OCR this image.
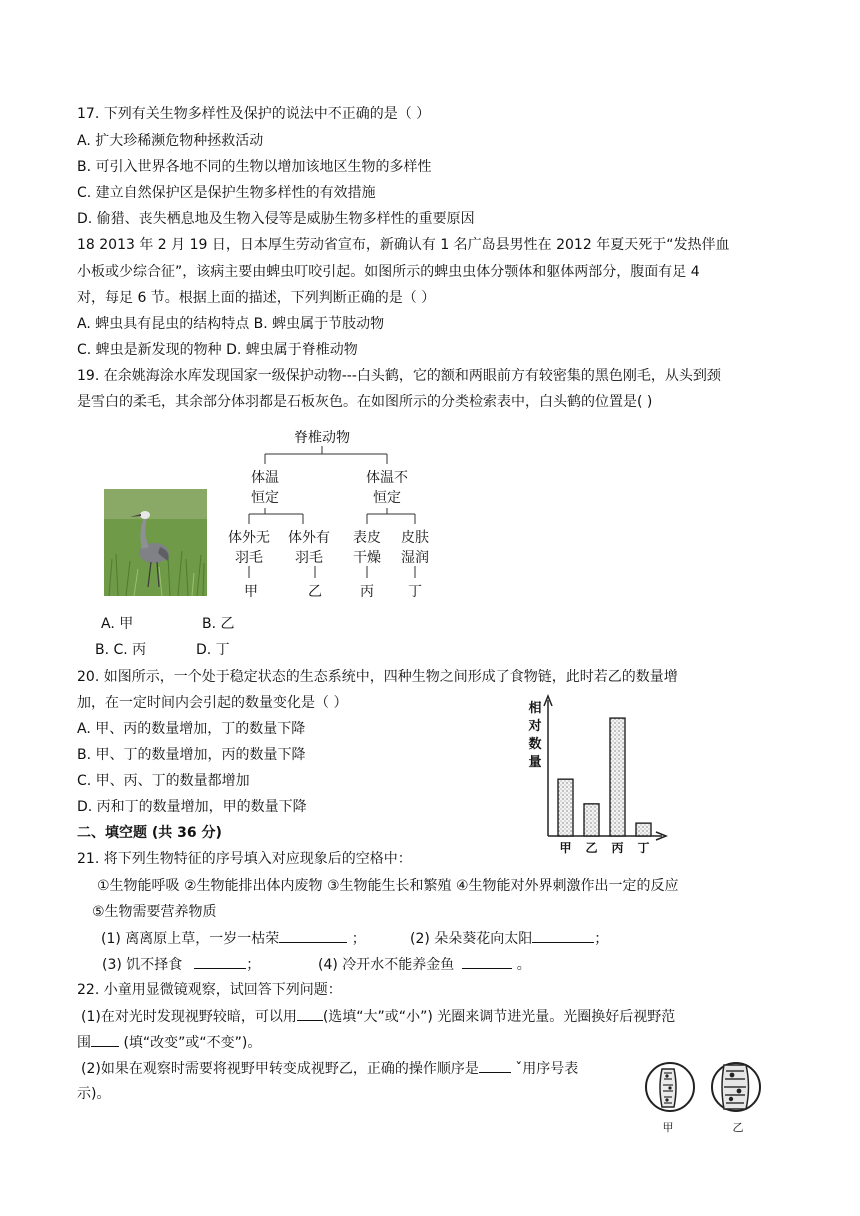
17. 下列有关生物多样性及保护的说法中不正确的是（ ）
A. 扩大珍稀濒危物种拯救活动
B. 可引入世界各地不同的生物以增加该地区生物的多样性
C. 建立自然保护区是保护生物多样性的有效措施
D. 偷猎、丧失栖息地及生物入侵等是威胁生物多样性的重要原因
18 2013 年 2 月 19 日，日本厚生劳动省宣布，新确认有 1 名广岛县男性在 2012 年夏天死于“发热伴血
小板或少综合征”，该病主要由蜱虫叮咬引起。如图所示的蜱虫虫体分颚体和躯体两部分，腹面有足 4
对，每足 6 节。根据上面的描述，下列判断正确的是（ ）
A. 蜱虫具有昆虫的结构特点 B. 蜱虫属于节肢动物
C. 蜱虫是新发现的物种 D. 蜱虫属于脊椎动物
19. 在余姚海涂水库发现国家一级保护动物---白头鹤，它的额和两眼前方有较密集的黑色刚毛，从头到颈
是雪白的柔毛，其余部分体羽都是石板灰色。在如图所示的分类检索表中，白头鹤的位置是( )
脊椎动物
体温
恒定
体温不
恒定
体外无
羽毛
体外有
羽毛
表皮
干燥
皮肤
湿润
甲	乙	丙 丁
A. 甲	B. 乙
B. C. 丙	D. 丁
20. 如图所示，一个处于稳定状态的生态系统中，四种生物之间形成了食物链，此时若乙的数量增
加，在一定时间内会引起的数量变化是（ ）
A. 甲、丙的数量增加，丁的数量下降
B. 甲、丁的数量增加，丙的数量下降
C. 甲、丙、丁的数量都增加
D. 丙和丁的数量增加，甲的数量下降
相
对
数
量
甲 乙 丙 丁
二、填空题 (共 36 分)
21. 将下列生物特征的序号填入对应现象后的空格中：
①生物能呼吸 ②生物能排出体内废物 ③生物能生长和繁殖 ④生物能对外界刺激作出一定的反应
⑤生物需要营养物质
(1) 离离原上草，一岁一枯荣	；	(2) 朵朵葵花向太阳	；
(3) 饥不择食	；	(4) 冷开水不能养金鱼	。
22. 小童用显微镜观察，试回答下列问题：
(1)在对光时发现视野较暗，可以用 (选填“大”或“小”) 光圈来调节进光量。光圈换好后视野范
围 (填“改变”或“不变”)。
(2)如果在观察时需要将视野甲转变成视野乙，正确的操作顺序是 ˇ用序号表
示)。
甲	乙
